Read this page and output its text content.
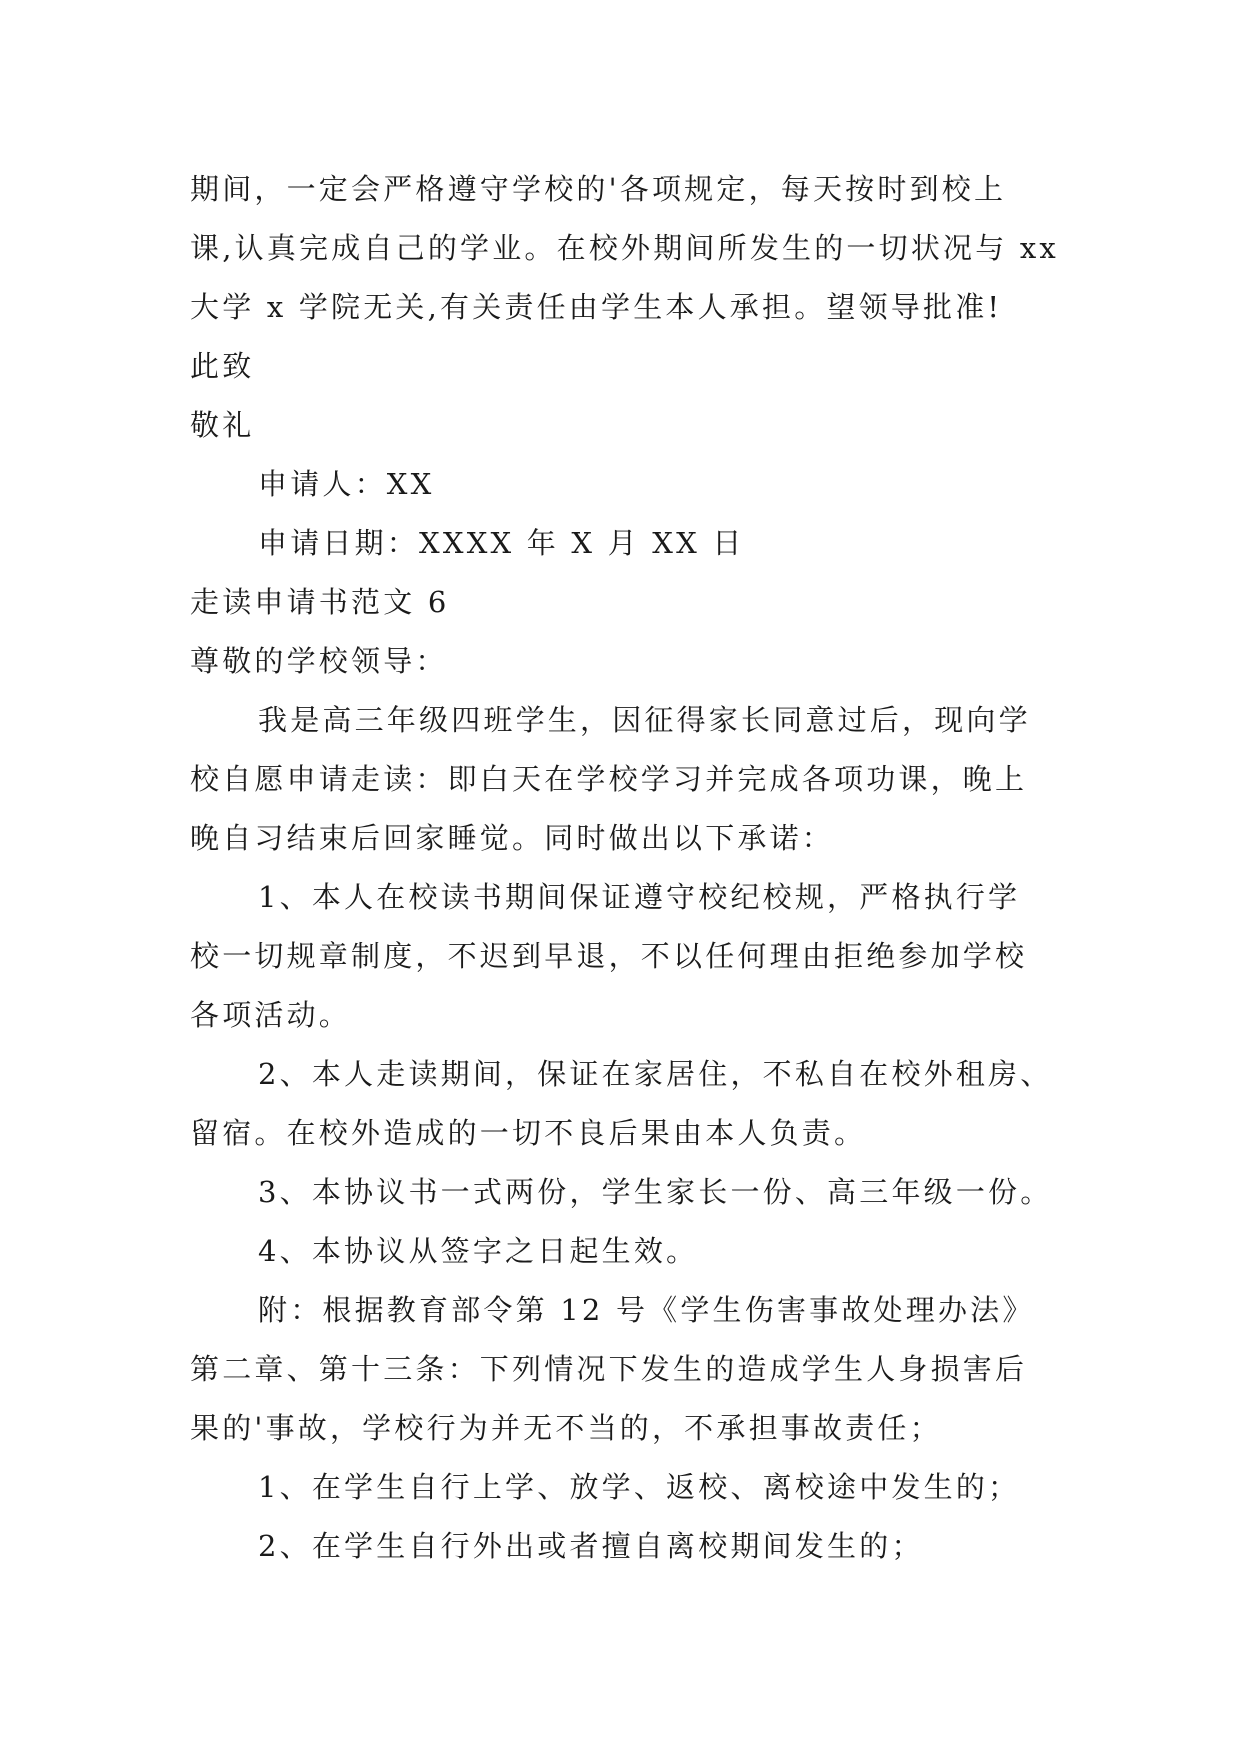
期间，一定会严格遵守学校的'各项规定，每天按时到校上
课,认真完成自己的学业。在校外期间所发生的一切状况与 xx
大学 x 学院无关,有关责任由学生本人承担。望领导批准!
此致
敬礼
申请人：XX
申请日期：XXXX 年 X 月 XX 日
走读申请书范文 6
尊敬的学校领导：
我是高三年级四班学生，因征得家长同意过后，现向学
校自愿申请走读：即白天在学校学习并完成各项功课，晚上
晚自习结束后回家睡觉。同时做出以下承诺：
1、本人在校读书期间保证遵守校纪校规，严格执行学
校一切规章制度，不迟到早退，不以任何理由拒绝参加学校
各项活动。
2、本人走读期间，保证在家居住，不私自在校外租房、
留宿。在校外造成的一切不良后果由本人负责。
3、本协议书一式两份，学生家长一份、高三年级一份。
4、本协议从签字之日起生效。
附：根据教育部令第 12 号《学生伤害事故处理办法》
第二章、第十三条：下列情况下发生的造成学生人身损害后
果的'事故，学校行为并无不当的，不承担事故责任；
1、在学生自行上学、放学、返校、离校途中发生的；
2、在学生自行外出或者擅自离校期间发生的；
